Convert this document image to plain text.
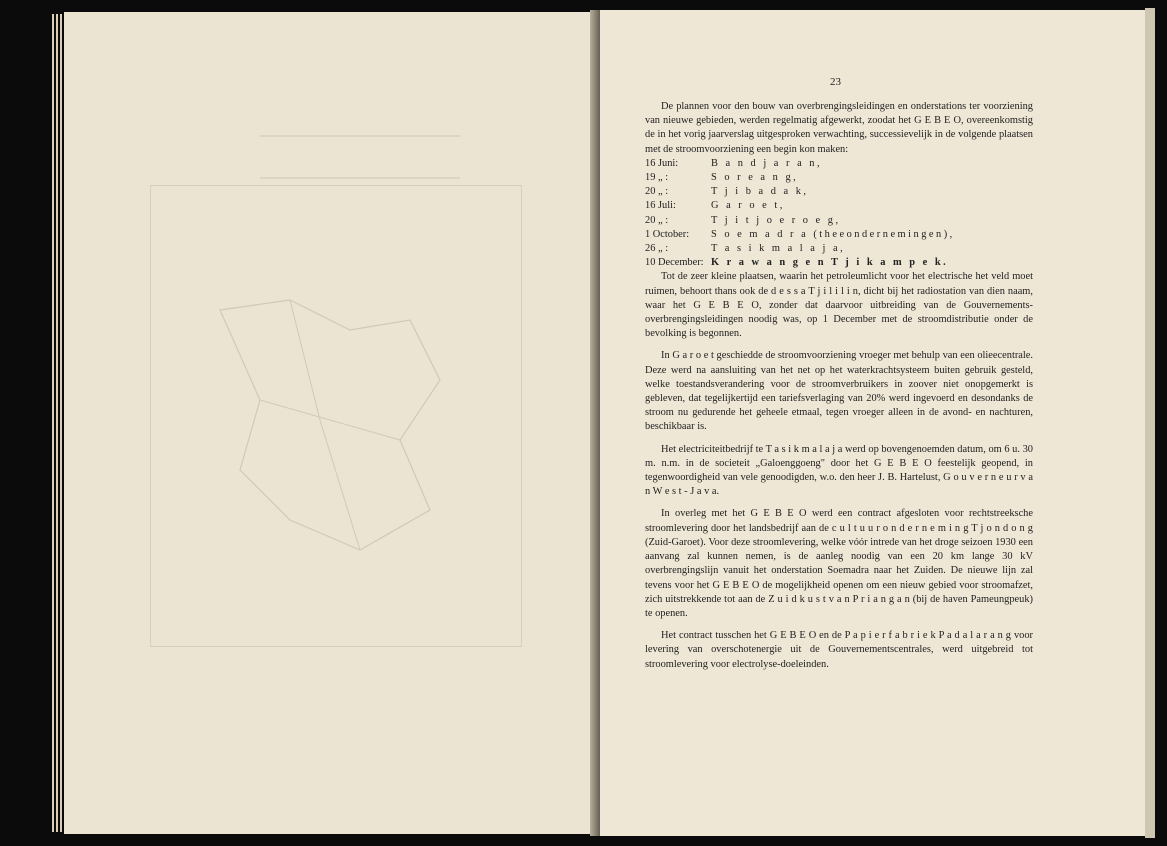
23

De plannen voor den bouw van overbrengingsleidingen en onderstations ter voorziening van nieuwe gebieden, werden regelmatig afgewerkt, zoodat het G E B E O, overeenkomstig de in het vorig jaarverslag uitgesproken verwachting, successievelijk in de volgende plaatsen met de stroomvoorziening een begin kon maken:

16 Juni:	B a n d j a r a n,
19 „ :	S o r e a n g,
20 „ :	T j i b a d a k,
16 Juli:	G a r o e t,
20 „ :	T j i t j o e r o e g,
1 October:	S o e m a d r a (theeondernemingen),
26 „ :	T a s i k m a l a j a,
10 December: K r a w a n g e n T j i k a m p e k.

Tot de zeer kleine plaatsen, waarin het petroleumlicht voor het electrische het veld moet ruimen, behoort thans ook de d e s s a T j i l i l i n, dicht bij het radiostation van dien naam, waar het G E B E O, zonder dat daarvoor uitbreiding van de Gouvernements-overbrengingsleidingen noodig was, op 1 December met de stroomdistributie onder de bevolking is begonnen.

In G a r o e t geschiedde de stroomvoorziening vroeger met behulp van een olieecentrale. Deze werd na aansluiting van het net op het waterkrachtsysteem buiten gebruik gesteld, welke toestandsverandering voor de stroomverbruikers in zoover niet onopgemerkt is gebleven, dat tegelijkertijd een tariefsverlaging van 20% werd ingevoerd en desondanks de stroom nu gedurende het geheele etmaal, tegen vroeger alleen in de avond- en nachturen, beschikbaar is.

Het electriciteitbedrijf te T a s i k m a l a j a werd op bovengenoemden datum, om 6 u. 30 m. n.m. in de societeit „Galoenggoeng" door het G E B E O feestelijk geopend, in tegenwoordigheid van vele genoodigden, w.o. den heer J. B. Hartelust, G o u v e r n e u r v a n W e s t - J a v a.

In overleg met het G E B E O werd een contract afgesloten voor rechtstreeksche stroomlevering door het landsbedrijf aan de c u l t u u r o n d e r n e m i n g T j o n d o n g (Zuid-Garoet). Voor deze stroomlevering, welke vóór intrede van het droge seizoen 1930 een aanvang zal kunnen nemen, is de aanleg noodig van een 20 km lange 30 kV overbrengingslijn vanuit het onderstation Soemadra naar het Zuiden. De nieuwe lijn zal tevens voor het G E B E O de mogelijkheid openen om een nieuw gebied voor stroomafzet, zich uitstrekkende tot aan de Z u i d k u s t v a n P r i a n g a n (bij de haven Pameungpeuk) te openen.

Het contract tusschen het G E B E O en de P a p i e r f a b r i e k P a d a l a r a n g voor levering van overschotenergie uit de Gouvernementscentrales, werd uitgebreid tot stroomlevering voor electrolyse-doeleinden.
